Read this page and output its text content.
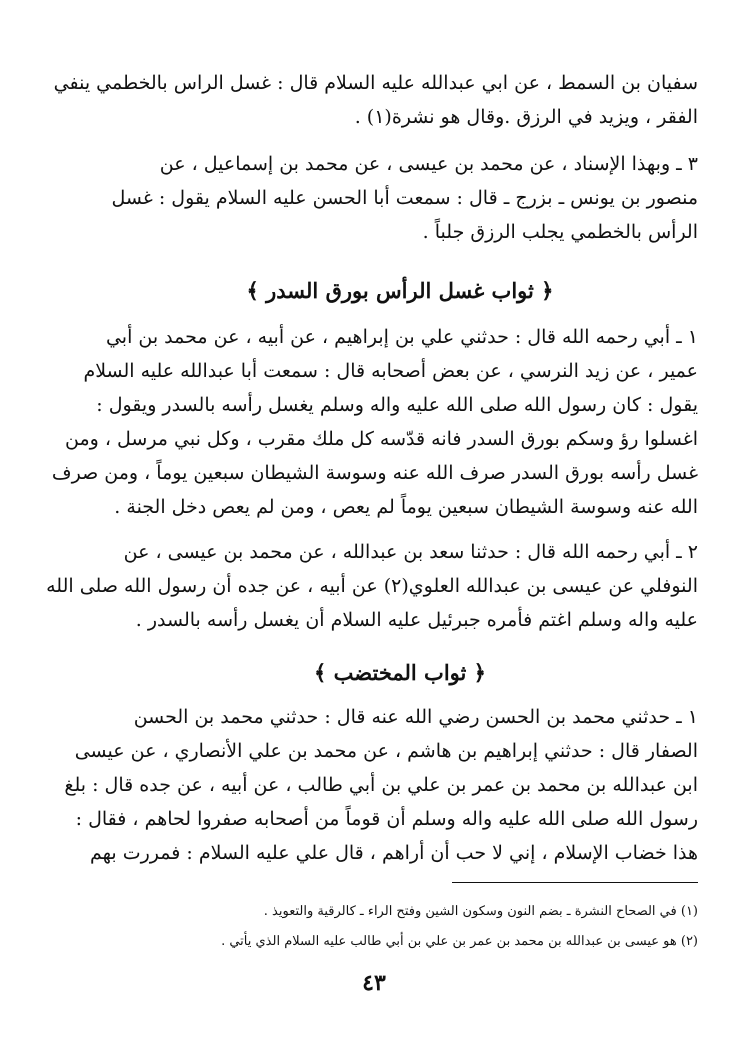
سفيان بن السمط ، عن ابي عبدالله عليه السلام قال : غسل الراس بالخطمي ينفي
الفقر ، ويزيد في الرزق .وقال هو نشرة(١) .
٣ ـ وبهذا الإسناد ، عن محمد بن عيسى ، عن محمد بن إسماعيل ، عن
منصور بن يونس ـ بزرج ـ قال : سمعت أبا الحسن عليه السلام يقول : غسل
الرأس بالخطمي يجلب الرزق جلباً .
﴿ ثواب غسل الرأس بورق السدر ﴾
١ ـ أبي رحمه الله قال : حدثني علي بن إبراهيم ، عن أبيه ، عن محمد بن أبي
عمير ، عن زيد النرسي ، عن بعض أصحابه قال : سمعت أبا عبدالله عليه السلام
يقول : كان رسول الله صلى الله عليه واله وسلم يغسل رأسه بالسدر ويقول :
اغسلوا رؤ وسكم بورق السدر فانه قدّسه كل ملك مقرب ، وكل نبي مرسل ، ومن
غسل رأسه بورق السدر صرف الله عنه وسوسة الشيطان سبعين يوماً ، ومن صرف
الله عنه وسوسة الشيطان سبعين يوماً لم يعص ، ومن لم يعص دخل الجنة .
٢ ـ أبي رحمه الله قال : حدثنا سعد بن عبدالله ، عن محمد بن عيسى ، عن
النوفلي عن عيسى بن عبدالله العلوي(٢) عن أبيه ، عن جده أن رسول الله صلى الله
عليه واله وسلم اغتم فأمره جبرئيل عليه السلام أن يغسل رأسه بالسدر .
﴿ ثواب المختضب ﴾
١ ـ حدثني محمد بن الحسن رضي الله عنه قال : حدثني محمد بن الحسن
الصفار قال : حدثني إبراهيم بن هاشم ، عن محمد بن علي الأنصاري ، عن عيسى
ابن عبدالله بن محمد بن عمر بن علي بن أبي طالب ، عن أبيه ، عن جده قال : بلغ
رسول الله صلى الله عليه واله وسلم أن قوماً من أصحابه صفروا لحاهم ، فقال :
هذا خضاب الإسلام ، إني لا حب أن أراهم ، قال علي عليه السلام : فمررت بهم
(١) في الصحاح النشرة ـ بضم النون وسكون الشين وفتح الراء ـ كالرقية والتعويذ .
(٢) هو عيسى بن عبدالله بن محمد بن عمر بن علي بن أبي طالب عليه السلام الذي يأتي .
٤٣
